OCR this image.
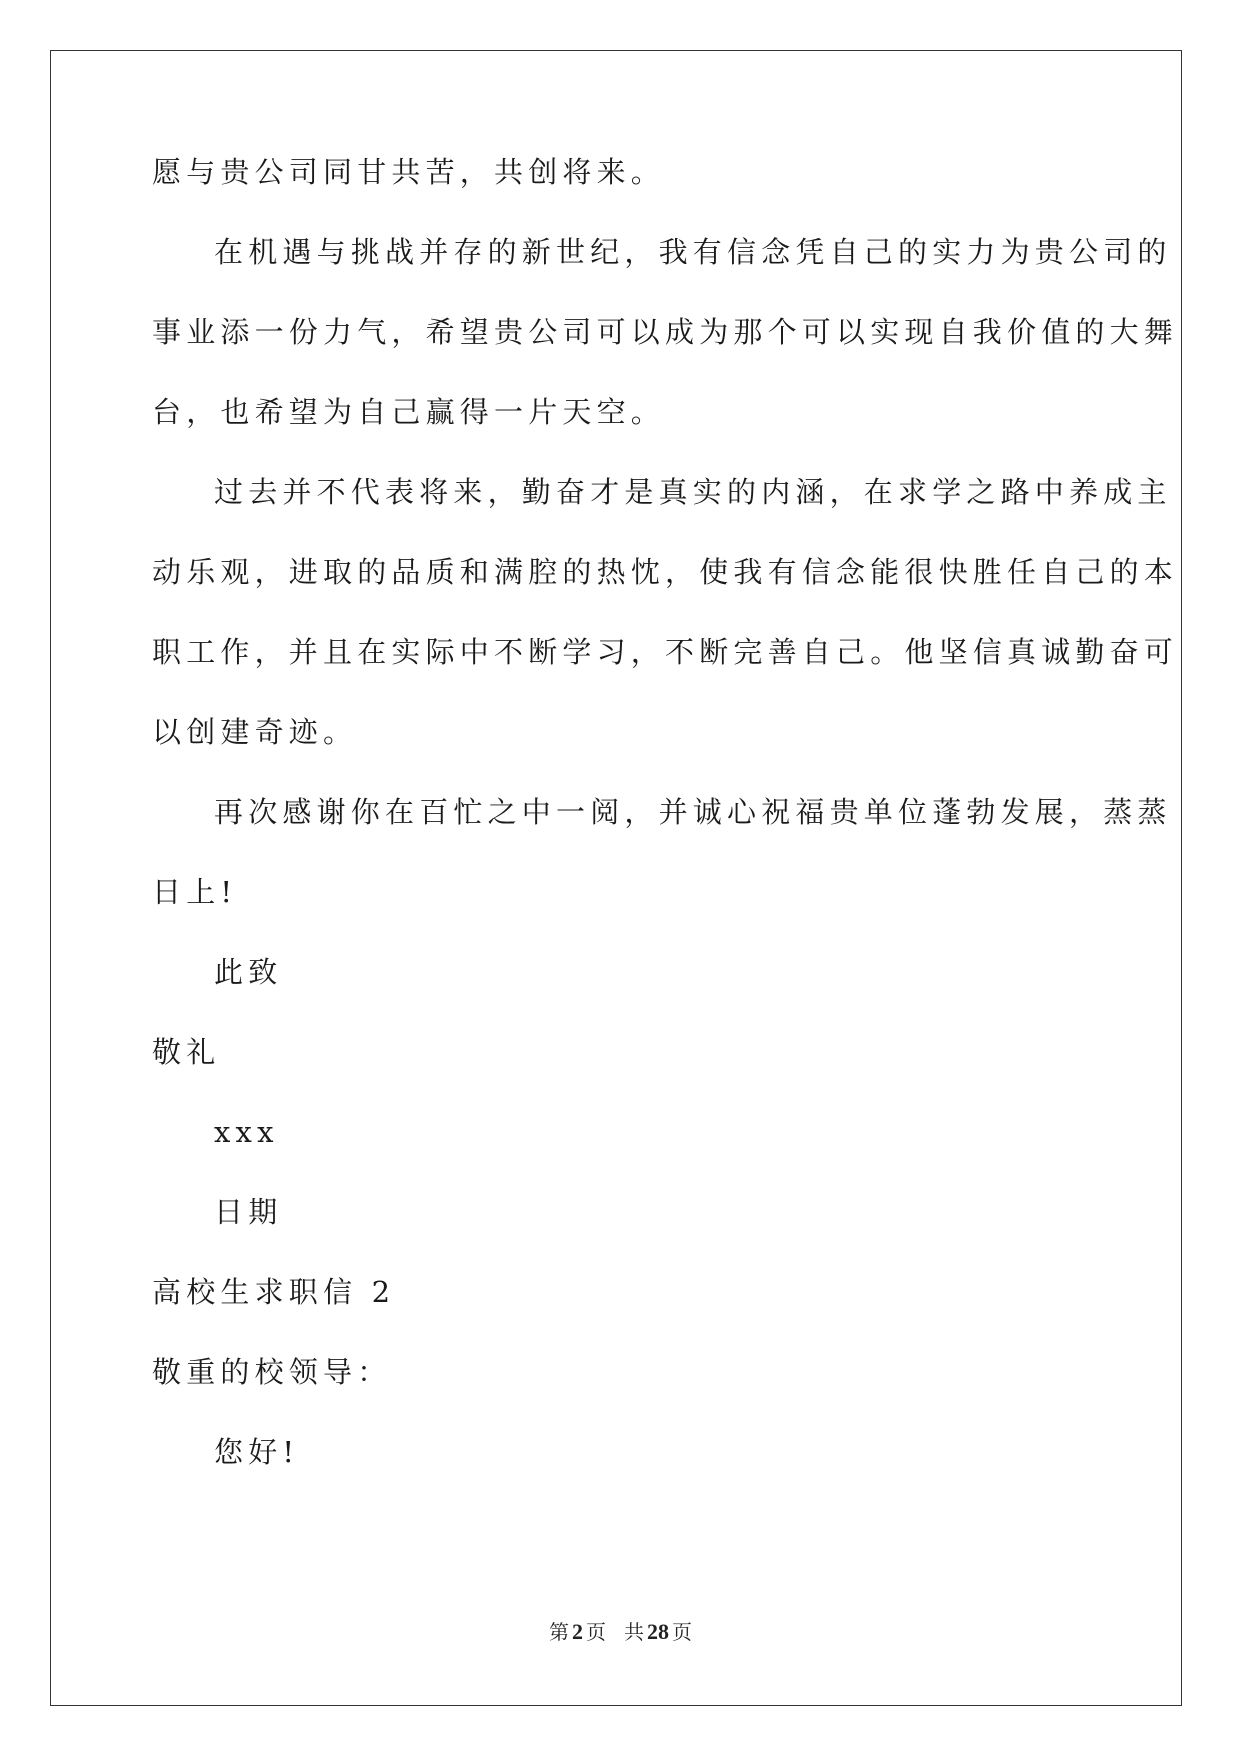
愿与贵公司同甘共苦，共创将来。
在机遇与挑战并存的新世纪，我有信念凭自己的实力为贵公司的
事业添一份力气，希望贵公司可以成为那个可以实现自我价值的大舞
台，也希望为自己赢得一片天空。
过去并不代表将来，勤奋才是真实的内涵，在求学之路中养成主
动乐观，进取的品质和满腔的热忱，使我有信念能很快胜任自己的本
职工作，并且在实际中不断学习，不断完善自己。他坚信真诚勤奋可
以创建奇迹。
再次感谢你在百忙之中一阅，并诚心祝福贵单位蓬勃发展，蒸蒸
日上!
此致
敬礼
xxx
日期
高校生求职信 2
敬重的校领导：
您好!
第 2 页 共 28 页
